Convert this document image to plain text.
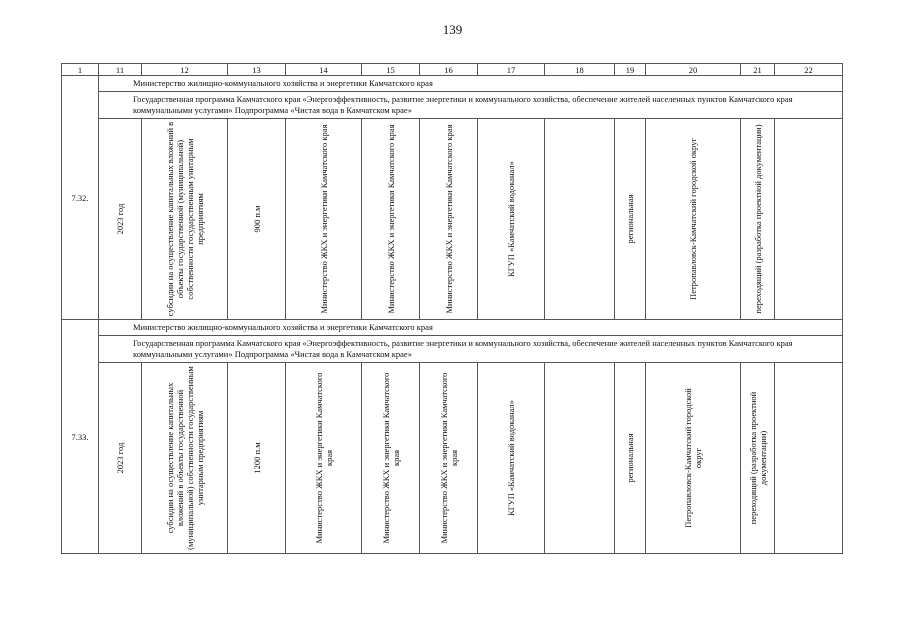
139
1	11	12	13	14	15	16	17	18	19	20	21	22
7.32.	Министерство жилищно-коммунального хозяйства и энергетики Камчатского края											
	Государственная программа Камчатского края «Энергоэффективность, развитие энергетики и коммунального хозяйства, обеспечение жителей населенных пунктов Камчатского края коммунальными услугами» Подпрограмма «Чистая вода в Камчатском крае»											

	2023 год	субсидии на осуществление капитальных вложений в объекты государственной (муниципальной) собственности государственным унитарным предприятиям	900 п.м	Министерство ЖКХ и энергетики Камчатского края	Министерство ЖКХ и энергетики Камчатского края	Министерство ЖКХ и энергетики Камчатского края	КГУП «Камчатский водоканал»		региональная	Петропавловск-Камчатский городской округ	переходящий (разработка проектной документации)	

7.33.	Министерство жилищно-коммунального хозяйства и энергетики Камчатского края											
	Государственная программа Камчатского края «Энергоэффективность, развитие энергетики и коммунального хозяйства, обеспечение жителей населенных пунктов Камчатского края коммунальными услугами» Подпрограмма «Чистая вода в Камчатском крае»											

	2023 год	субсидии на осуществление капитальных вложений в объекты государственной (муниципальной) собственности государственным унитарным предприятиям	1200 п.м	Министерство ЖКХ и энергетики Камчатского края	Министерство ЖКХ и энергетики Камчатского края	Министерство ЖКХ и энергетики Камчатского края	КГУП «Камчатский водоканал»		региональная	Петропавловск-Камчатский городской округ	переходящий (разработка проектной документации)	
